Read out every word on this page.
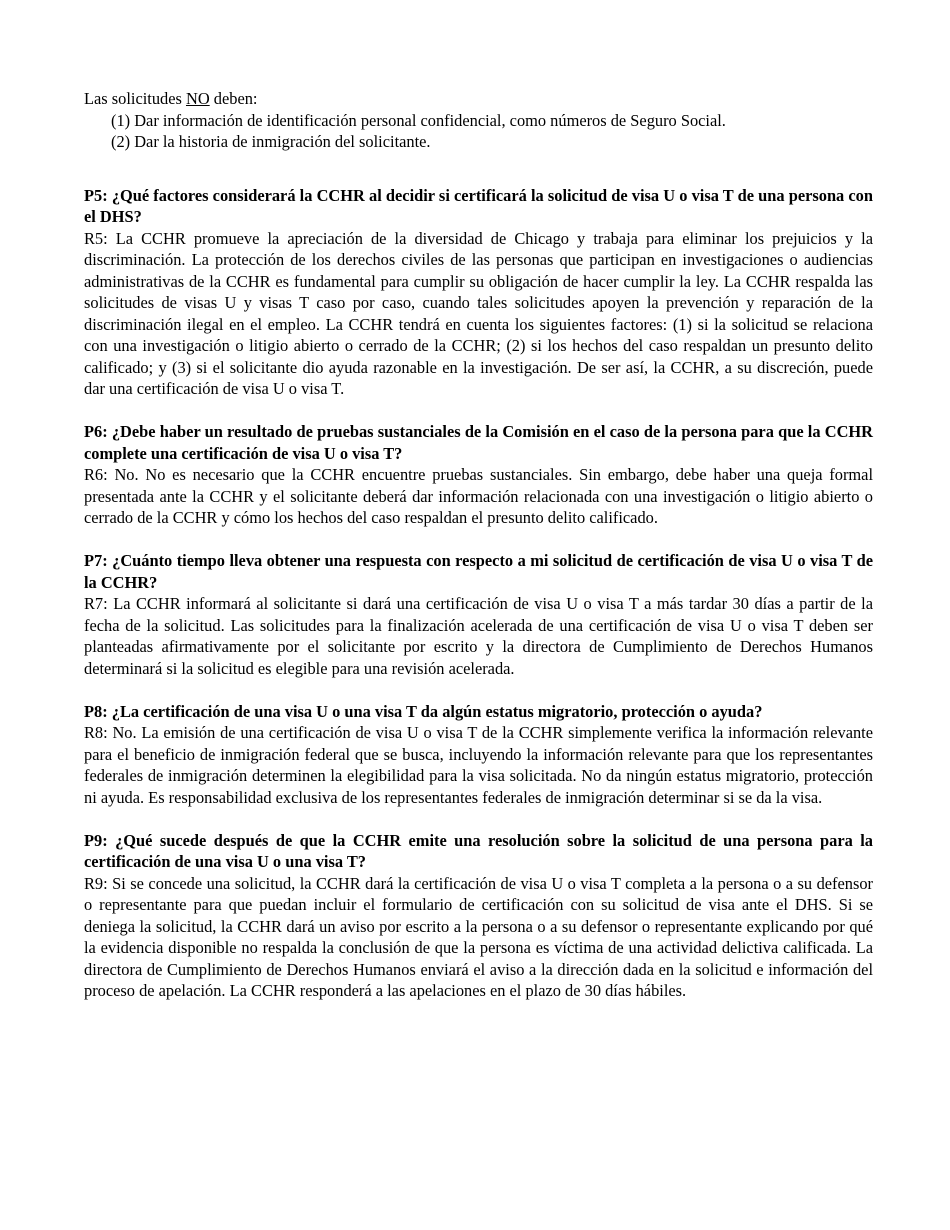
Las solicitudes NO deben:

(1) Dar información de identificación personal confidencial, como números de Seguro Social.
(2) Dar la historia de inmigración del solicitante.

P5: ¿Qué factores considerará la CCHR al decidir si certificará la solicitud de visa U o visa T de una persona con el DHS?

R5: La CCHR promueve la apreciación de la diversidad de Chicago y trabaja para eliminar los prejuicios y la discriminación. La protección de los derechos civiles de las personas que participan en investigaciones o audiencias administrativas de la CCHR es fundamental para cumplir su obligación de hacer cumplir la ley. La CCHR respalda las solicitudes de visas U y visas T caso por caso, cuando tales solicitudes apoyen la prevención y reparación de la discriminación ilegal en el empleo. La CCHR tendrá en cuenta los siguientes factores: (1) si la solicitud se relaciona con una investigación o litigio abierto o cerrado de la CCHR; (2) si los hechos del caso respaldan un presunto delito calificado; y (3) si el solicitante dio ayuda razonable en la investigación. De ser así, la CCHR, a su discreción, puede dar una certificación de visa U o visa T.

P6: ¿Debe haber un resultado de pruebas sustanciales de la Comisión en el caso de la persona para que la CCHR complete una certificación de visa U o visa T?

R6: No. No es necesario que la CCHR encuentre pruebas sustanciales. Sin embargo, debe haber una queja formal presentada ante la CCHR y el solicitante deberá dar información relacionada con una investigación o litigio abierto o cerrado de la CCHR y cómo los hechos del caso respaldan el presunto delito calificado.

P7: ¿Cuánto tiempo lleva obtener una respuesta con respecto a mi solicitud de certificación de visa U o visa T de la CCHR?

R7: La CCHR informará al solicitante si dará una certificación de visa U o visa T a más tardar 30 días a partir de la fecha de la solicitud. Las solicitudes para la finalización acelerada de una certificación de visa U o visa T deben ser planteadas afirmativamente por el solicitante por escrito y la directora de Cumplimiento de Derechos Humanos determinará si la solicitud es elegible para una revisión acelerada.

P8: ¿La certificación de una visa U o una visa T da algún estatus migratorio, protección o ayuda?

R8: No. La emisión de una certificación de visa U o visa T de la CCHR simplemente verifica la información relevante para el beneficio de inmigración federal que se busca, incluyendo la información relevante para que los representantes federales de inmigración determinen la elegibilidad para la visa solicitada. No da ningún estatus migratorio, protección ni ayuda. Es responsabilidad exclusiva de los representantes federales de inmigración determinar si se da la visa.

P9: ¿Qué sucede después de que la CCHR emite una resolución sobre la solicitud de una persona para la certificación de una visa U o una visa T?

R9: Si se concede una solicitud, la CCHR dará la certificación de visa U o visa T completa a la persona o a su defensor o representante para que puedan incluir el formulario de certificación con su solicitud de visa ante el DHS. Si se deniega la solicitud, la CCHR dará un aviso por escrito a la persona o a su defensor o representante explicando por qué la evidencia disponible no respalda la conclusión de que la persona es víctima de una actividad delictiva calificada. La directora de Cumplimiento de Derechos Humanos enviará el aviso a la dirección dada en la solicitud e información del proceso de apelación. La CCHR responderá a las apelaciones en el plazo de 30 días hábiles.
